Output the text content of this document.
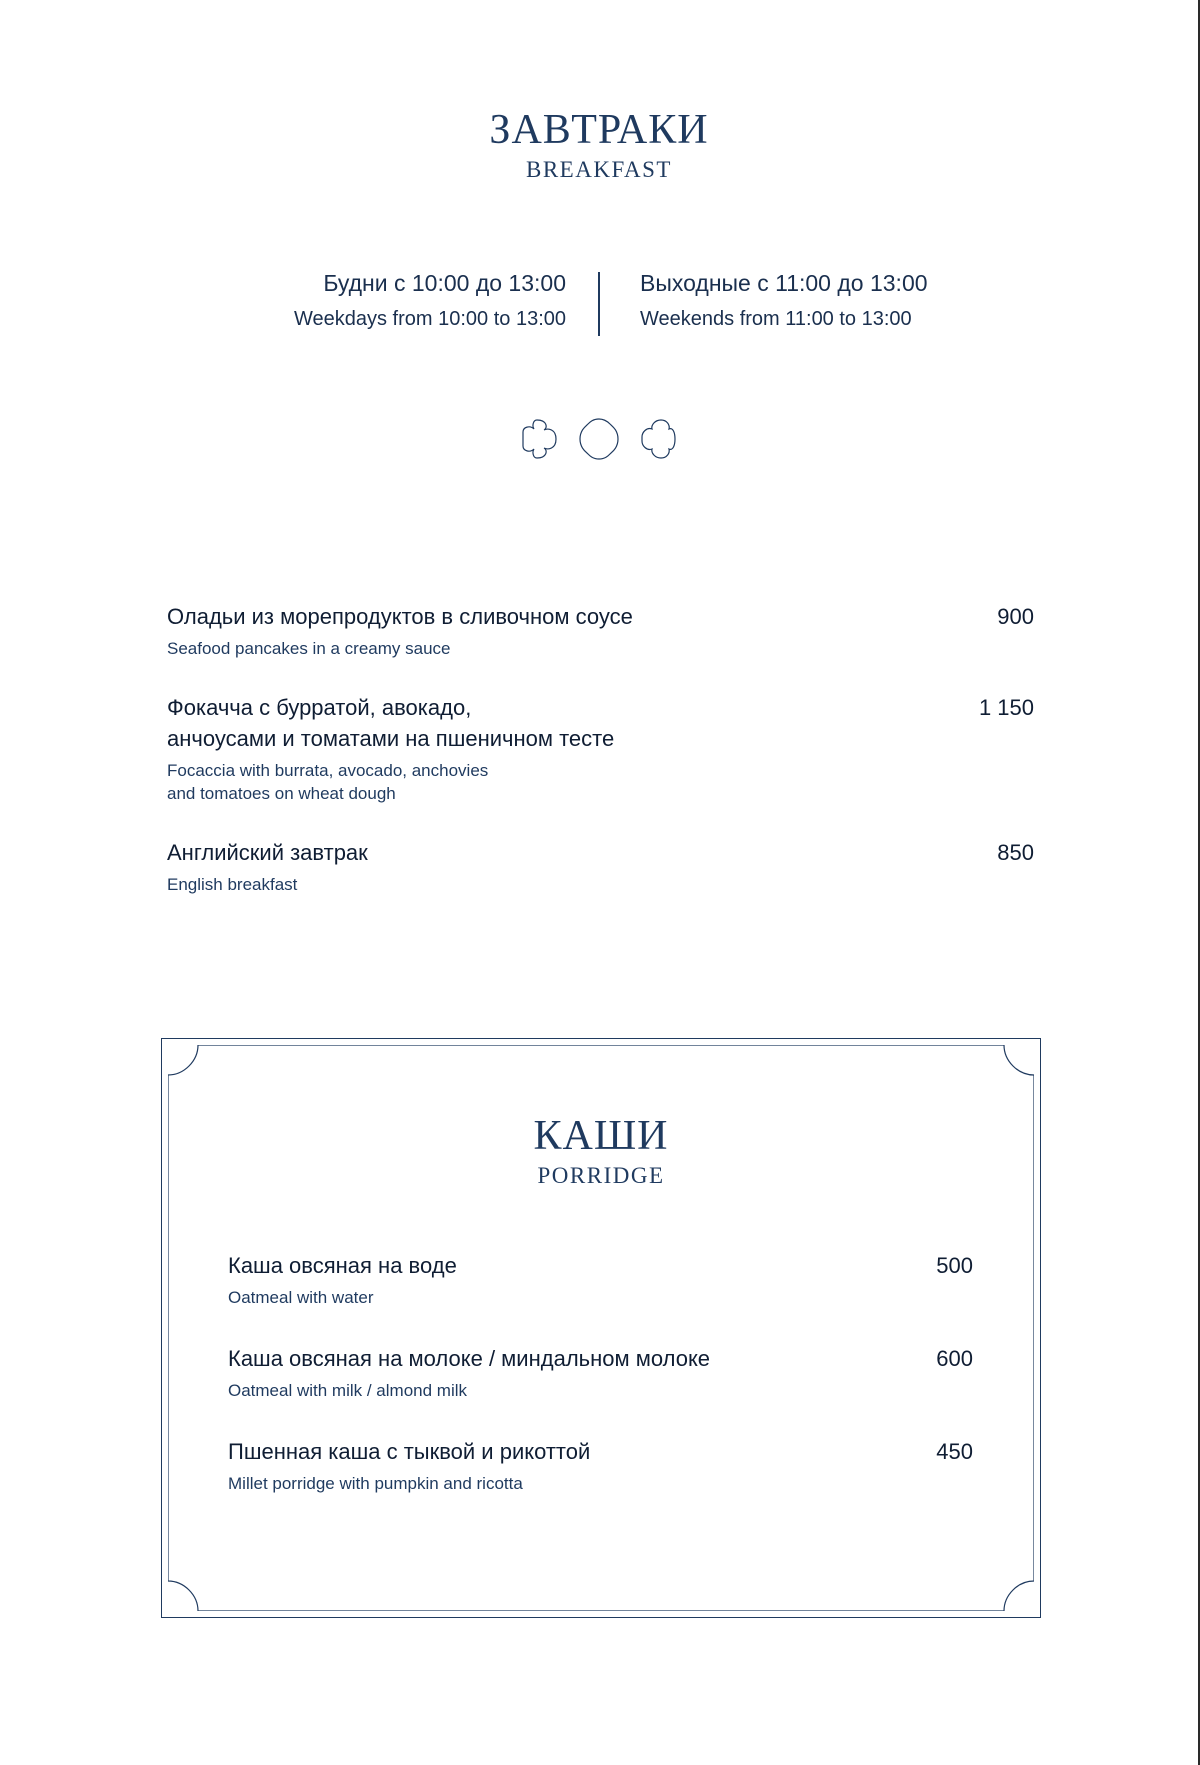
ЗАВТРАКИ
BREAKFAST
Будни с 10:00 до 13:00
Weekdays from 10:00 to 13:00
Выходные с 11:00 до 13:00
Weekends from 11:00 to 13:00
Оладьи из морепродуктов в сливочном соусе
Seafood pancakes in a creamy sauce
900
Фокачча с бурратой, авокадо,
анчоусами и томатами на пшеничном тесте
Focaccia with burrata, avocado, anchovies
and tomatoes on wheat dough
1 150
Английский завтрак
English breakfast
850
КАШИ
PORRIDGE
Каша овсяная на воде
Oatmeal with water
500
Каша овсяная на молоке / миндальном молоке
Oatmeal with milk / almond milk
600
Пшенная каша с тыквой и рикоттой
Millet porridge with pumpkin and ricotta
450
